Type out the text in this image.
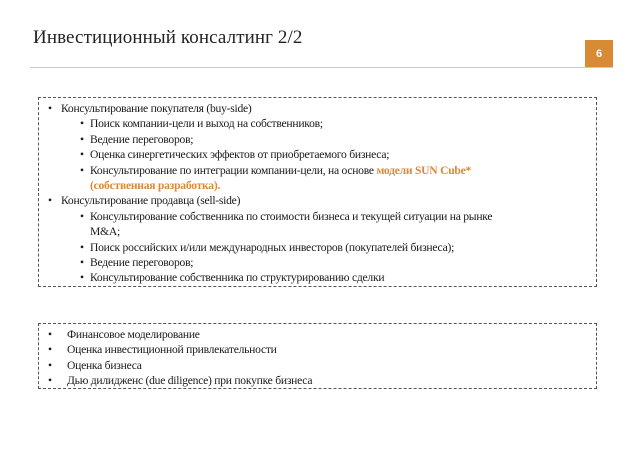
Инвестиционный консалтинг 2/2
6
• Консультирование покупателя (buy-side)
• Поиск компании-цели и выход на собственников;
• Ведение переговоров;
• Оценка синергетических эффектов от приобретаемого бизнеса;
• Консультирование по интеграции компании-цели, на основе модели SUN Cube*
(собственная разработка).
• Консультирование продавца (sell-side)
• Консультирование собственника по стоимости бизнеса и текущей ситуации на рынке
M&A;
• Поиск российских и/или международных инвесторов (покупателей бизнеса);
• Ведение переговоров;
• Консультирование собственника по структурированию сделки
• Финансовое моделирование
• Оценка инвестиционной привлекательности
• Оценка бизнеса
• Дью дилидженс (due diligence) при покупке бизнеса
